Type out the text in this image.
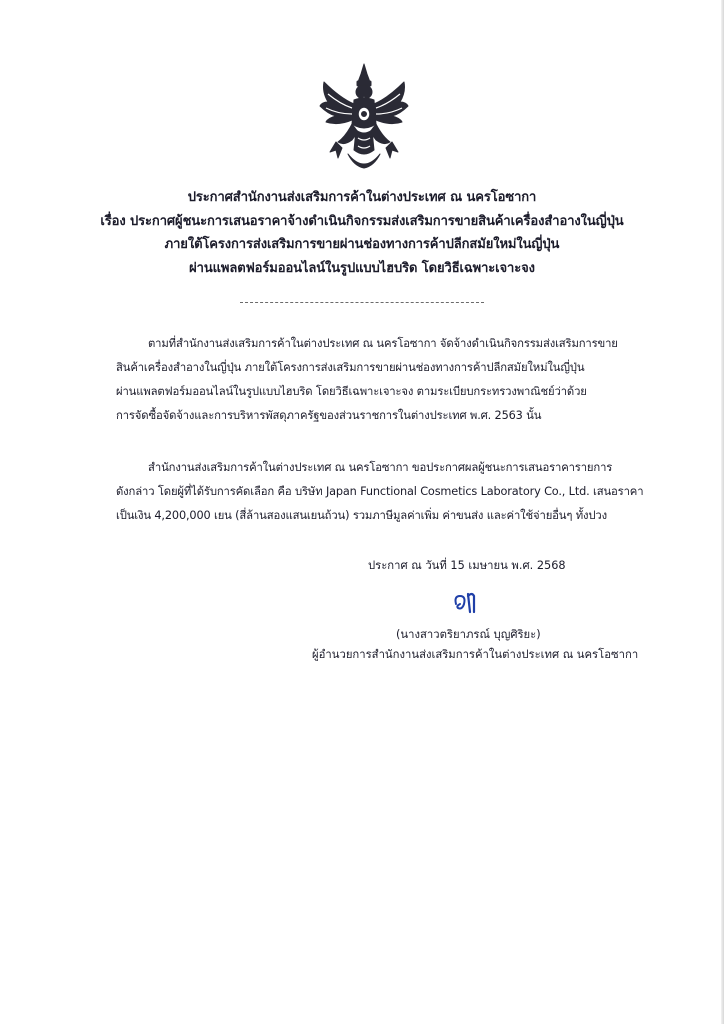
ประกาศสำนักงานส่งเสริมการค้าในต่างประเทศ ณ นครโอซากา
เรื่อง ประกาศผู้ชนะการเสนอราคาจ้างดำเนินกิจกรรมส่งเสริมการขายสินค้าเครื่องสำอางในญี่ปุ่น
ภายใต้โครงการส่งเสริมการขายผ่านช่องทางการค้าปลีกสมัยใหม่ในญี่ปุ่น
ผ่านแพลตฟอร์มออนไลน์ในรูปแบบไฮบริด โดยวิธีเฉพาะเจาะจง
ตามที่สำนักงานส่งเสริมการค้าในต่างประเทศ ณ นครโอซากา จัดจ้างดำเนินกิจกรรมส่งเสริมการขาย
สินค้าเครื่องสำอางในญี่ปุ่น ภายใต้โครงการส่งเสริมการขายผ่านช่องทางการค้าปลีกสมัยใหม่ในญี่ปุ่น
ผ่านแพลตฟอร์มออนไลน์ในรูปแบบไฮบริด โดยวิธีเฉพาะเจาะจง ตามระเบียบกระทรวงพาณิชย์ว่าด้วย
การจัดซื้อจัดจ้างและการบริหารพัสดุภาครัฐของส่วนราชการในต่างประเทศ พ.ศ. 2563 นั้น
สำนักงานส่งเสริมการค้าในต่างประเทศ ณ นครโอซากา ขอประกาศผลผู้ชนะการเสนอราคารายการ
ดังกล่าว โดยผู้ที่ได้รับการคัดเลือก คือ บริษัท Japan Functional Cosmetics Laboratory Co., Ltd. เสนอราคา
เป็นเงิน 4,200,000 เยน (สี่ล้านสองแสนเยนถ้วน) รวมภาษีมูลค่าเพิ่ม ค่าขนส่ง และค่าใช้จ่ายอื่นๆ ทั้งปวง
ประกาศ ณ วันที่ 15 เมษายน พ.ศ. 2568
(นางสาวตริยาภรณ์ บุญศิริยะ)
ผู้อำนวยการสำนักงานส่งเสริมการค้าในต่างประเทศ ณ นครโอซากา
